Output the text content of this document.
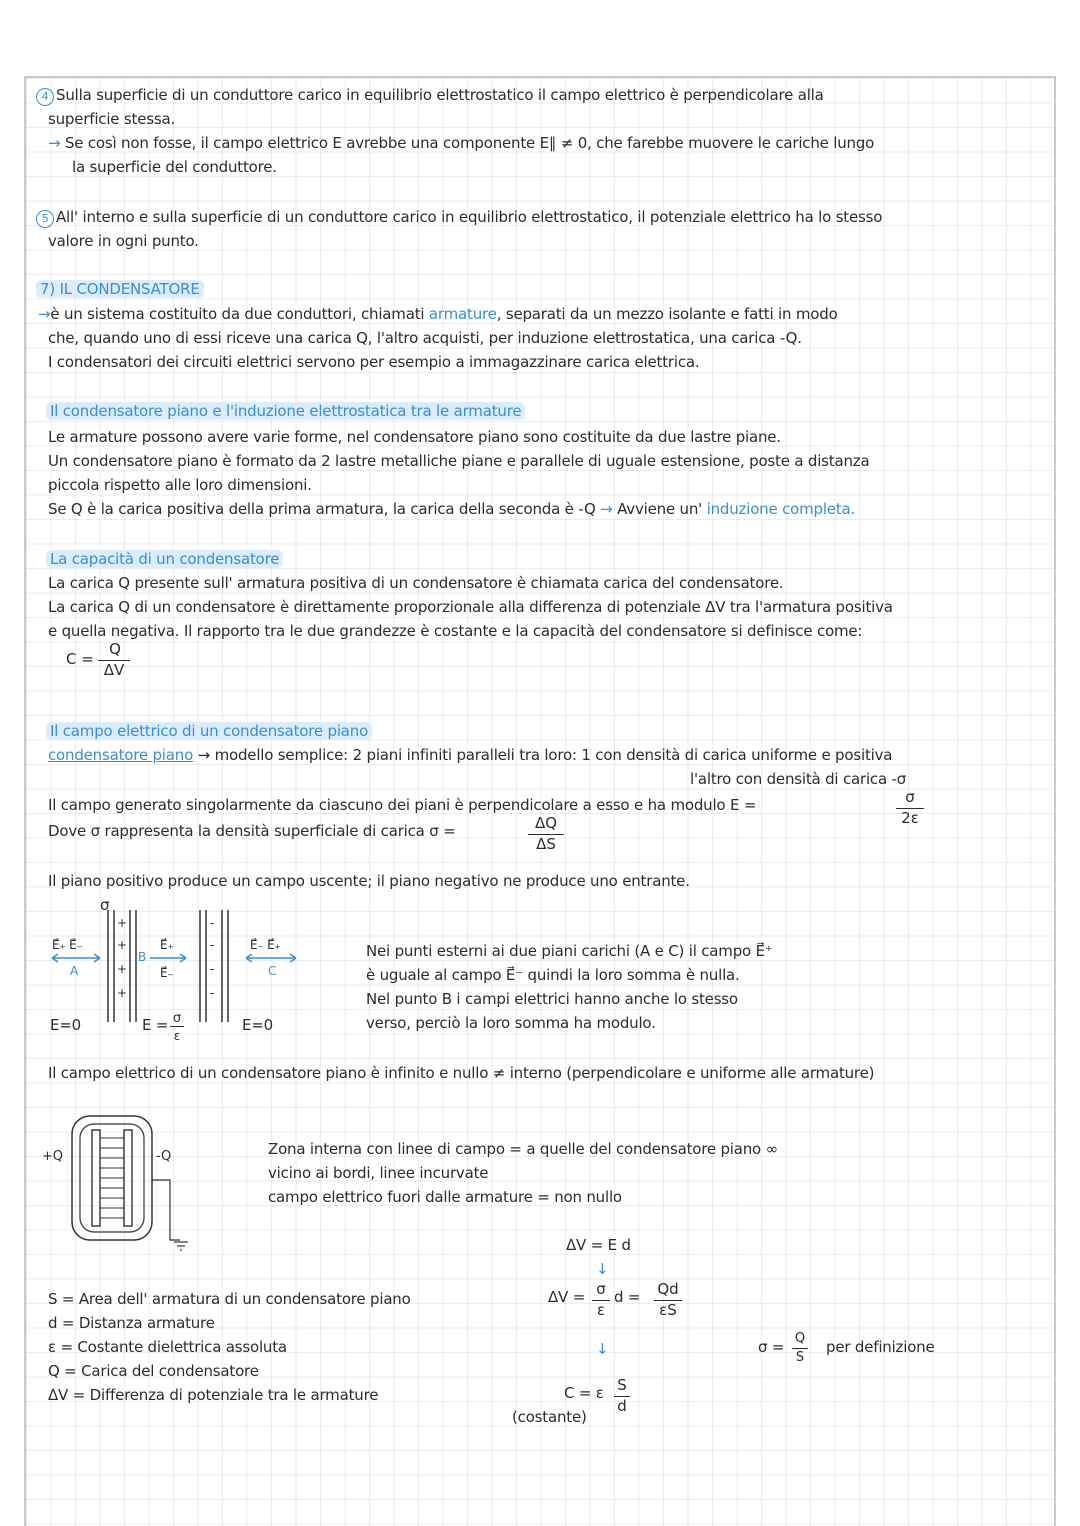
4 Sulla superficie di un conduttore carico in equilibrio elettrostatico il campo elettrico è perpendicolare alla
superficie stessa.
→ Se così non fosse, il campo elettrico E avrebbe una componente E∥ ≠ 0, che farebbe muovere le cariche lungo
la superficie del conduttore.
5 All' interno e sulla superficie di un conduttore carico in equilibrio elettrostatico, il potenziale elettrico ha lo stesso
valore in ogni punto.
7) IL CONDENSATORE
→è un sistema costituito da due conduttori, chiamati armature, separati da un mezzo isolante e fatti in modo
che, quando uno di essi riceve una carica Q, l'altro acquisti, per induzione elettrostatica, una carica -Q.
I condensatori dei circuiti elettrici servono per esempio a immagazzinare carica elettrica.
Il condensatore piano e l'induzione elettrostatica tra le armature
Le armature possono avere varie forme, nel condensatore piano sono costituite da due lastre piane.
Un condensatore piano è formato da 2 lastre metalliche piane e parallele di uguale estensione, poste a distanza
piccola rispetto alle loro dimensioni.
Se Q è la carica positiva della prima armatura, la carica della seconda è -Q → Avviene un' induzione completa.
La capacità di un condensatore
La carica Q presente sull' armatura positiva di un condensatore è chiamata carica del condensatore.
La carica Q di un condensatore è direttamente proporzionale alla differenza di potenziale ΔV tra l'armatura positiva
e quella negativa. Il rapporto tra le due grandezze è costante e la capacità del condensatore si definisce come:
C =
Q
ΔV
Il campo elettrico di un condensatore piano
condensatore piano → modello semplice: 2 piani infiniti paralleli tra loro: 1 con densità di carica uniforme e positiva
l'altro con densità di carica -σ
Il campo generato singolarmente da ciascuno dei piani è perpendicolare a esso e ha modulo E =	σ
2ε
Dove σ rappresenta la densità superficiale di carica σ =	ΔQ
ΔS
Il piano positivo produce un campo uscente; il piano negativo ne produce uno entrante.
σ
+
+
+
+
-
-
-
-
E⃗₊ E⃗₋
A
B
E⃗₊
E⃗₋
E⃗₋ E⃗₊
C
E=0	E = σ
ε
E=0
Nei punti esterni ai due piani carichi (A e C) il campo E⃗⁺
è uguale al campo E⃗⁻ quindi la loro somma è nulla.
Nel punto B i campi elettrici hanno anche lo stesso
verso, perciò la loro somma ha modulo.
Il campo elettrico di un condensatore piano è infinito e nullo ≠ interno (perpendicolare e uniforme alle armature)
+Q	-Q	Zona interna con linee di campo = a quelle del condensatore piano ∞
vicino ai bordi, linee incurvate
campo elettrico fuori dalle armature = non nullo
ΔV = E d
↓
ΔV = σ
ε
d = Qd
εS
↓
C = ε S
d
(costante)
σ = Q
S
per definizione
S = Area dell' armatura di un condensatore piano
d = Distanza armature
ε = Costante dielettrica assoluta
Q = Carica del condensatore
ΔV = Differenza di potenziale tra le armature
